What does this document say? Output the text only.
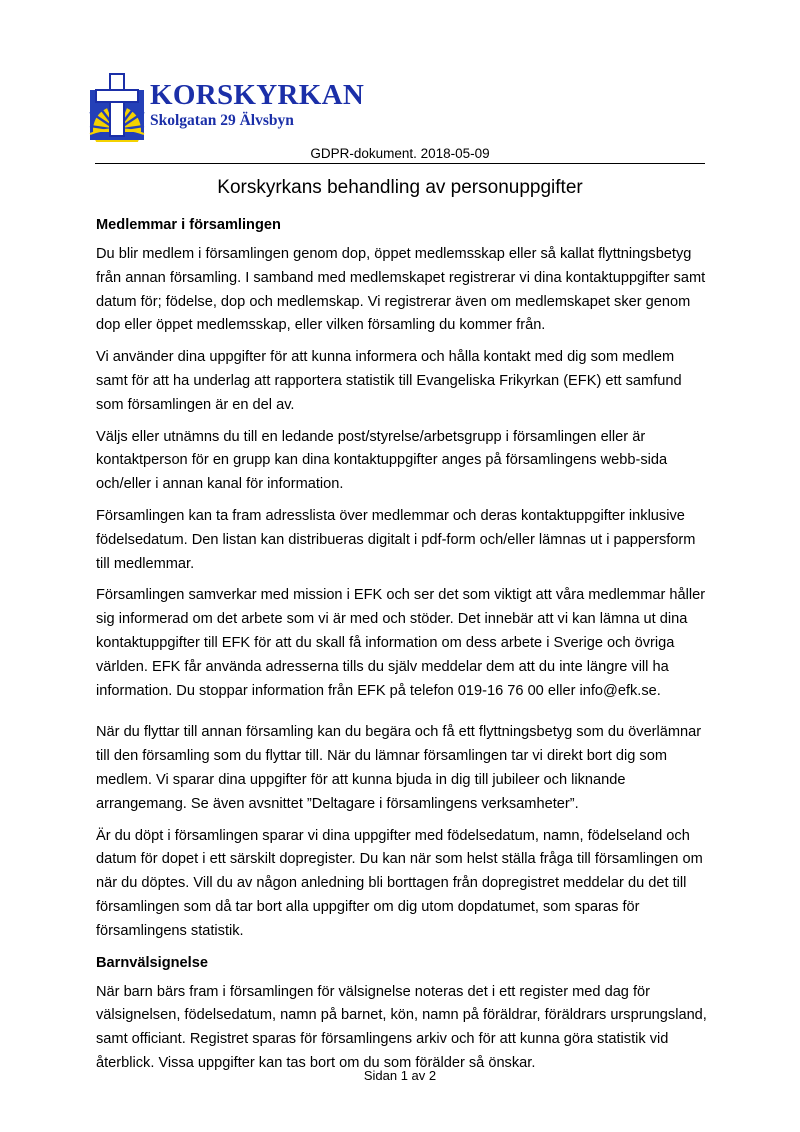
KORSKYRKAN
Skolgatan 29 Älvsbyn
GDPR-dokument. 2018-05-09
Korskyrkans behandling av personuppgifter
Medlemmar i församlingen

Du blir medlem i församlingen genom dop, öppet medlemsskap eller så kallat flyttningsbetyg från annan församling. I samband med medlemskapet registrerar vi dina kontaktuppgifter samt datum för; födelse, dop och medlemskap. Vi registrerar även om medlemskapet sker genom dop eller öppet medlemsskap, eller vilken församling du kommer från.

Vi använder dina uppgifter för att kunna informera och hålla kontakt med dig som medlem samt för att ha underlag att rapportera statistik till Evangeliska Frikyrkan (EFK) ett samfund som församlingen är en del av.

Väljs eller utnämns du till en ledande post/styrelse/arbetsgrupp i församlingen eller är kontaktperson för en grupp kan dina kontaktuppgifter anges på församlingens webb-sida och/eller i annan kanal för information.

Församlingen kan ta fram adresslista över medlemmar och deras kontaktuppgifter inklusive födelsedatum. Den listan kan distribueras digitalt i pdf-form och/eller lämnas ut i pappersform till medlemmar.

Församlingen samverkar med mission i EFK och ser det som viktigt att våra medlemmar håller sig informerad om det arbete som vi är med och stöder. Det innebär att vi kan lämna ut dina kontaktuppgifter till EFK för att du skall få information om dess arbete i Sverige och övriga världen. EFK får använda adresserna tills du själv meddelar dem att du inte längre vill ha information. Du stoppar information från EFK på telefon 019-16 76 00 eller info@efk.se.

När du flyttar till annan församling kan du begära och få ett flyttningsbetyg som du överlämnar till den församling som du flyttar till. När du lämnar församlingen tar vi direkt bort dig som medlem. Vi sparar dina uppgifter för att kunna bjuda in dig till jubileer och liknande arrangemang. Se även avsnittet ”Deltagare i församlingens verksamheter”.

Är du döpt i församlingen sparar vi dina uppgifter med födelsedatum, namn, födelseland och datum för dopet i ett särskilt dopregister. Du kan när som helst ställa fråga till församlingen om när du döptes. Vill du av någon anledning bli borttagen från dopregistret meddelar du det till församlingen som då tar bort alla uppgifter om dig utom dopdatumet, som sparas för församlingens statistik.

Barnvälsignelse

När barn bärs fram i församlingen för välsignelse noteras det i ett register med dag för välsignelsen, födelsedatum, namn på barnet, kön, namn på föräldrar, föräldrars ursprungsland, samt officiant. Registret sparas för församlingens arkiv och för att kunna göra statistik vid återblick. Vissa uppgifter kan tas bort om du som förälder så önskar.

Sidan 1 av 2
